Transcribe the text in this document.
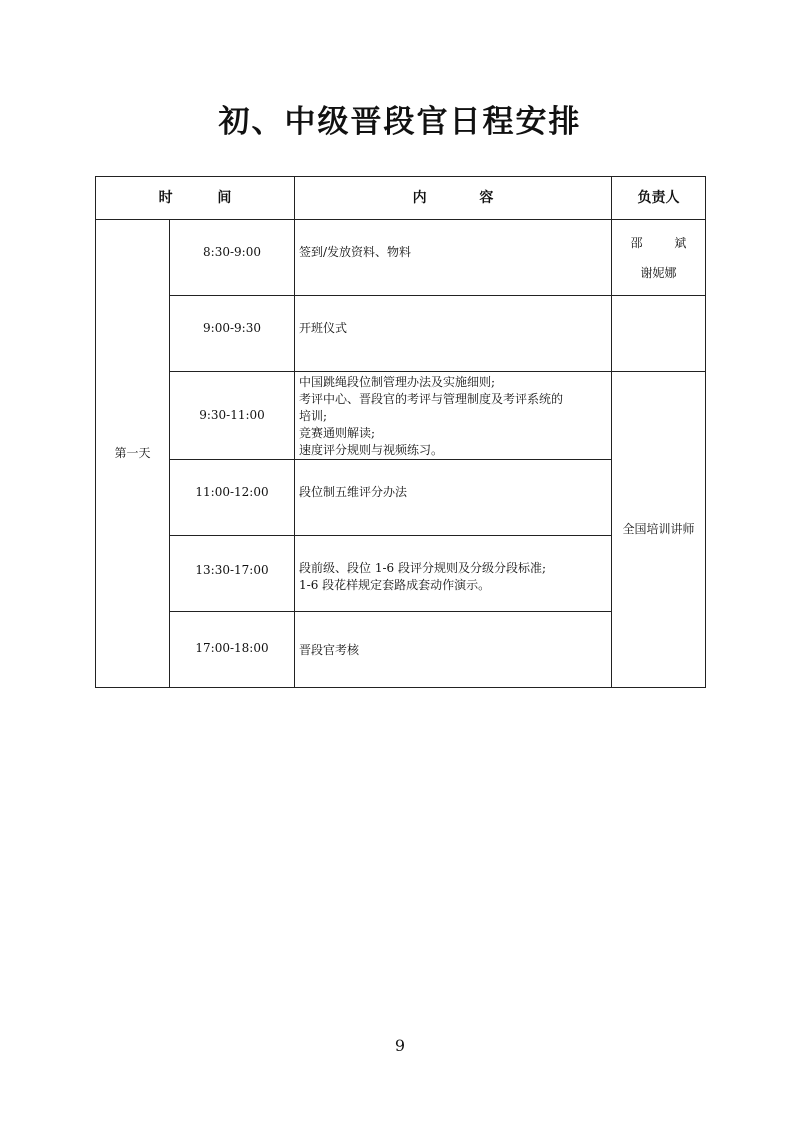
初、中级晋段官日程安排
时 间		内 容	负责人
第一天	8:30-9:00	签到/发放资料、物料	邵 斌
谢妮娜

	9:00-9:30	开班仪式	

	9:30-11:00	中国跳绳段位制管理办法及实施细则;
考评中心、晋段官的考评与管理制度及考评系统的
培训;
竞赛通则解读;
速度评分规则与视频练习。	全国培训讲师
	11:00-12:00	段位制五维评分办法	

	13:30-17:00	段前级、段位 1-6 段评分规则及分级分段标准;
1-6 段花样规定套路成套动作演示。	

	17:00-18:00	晋段官考核	
9
